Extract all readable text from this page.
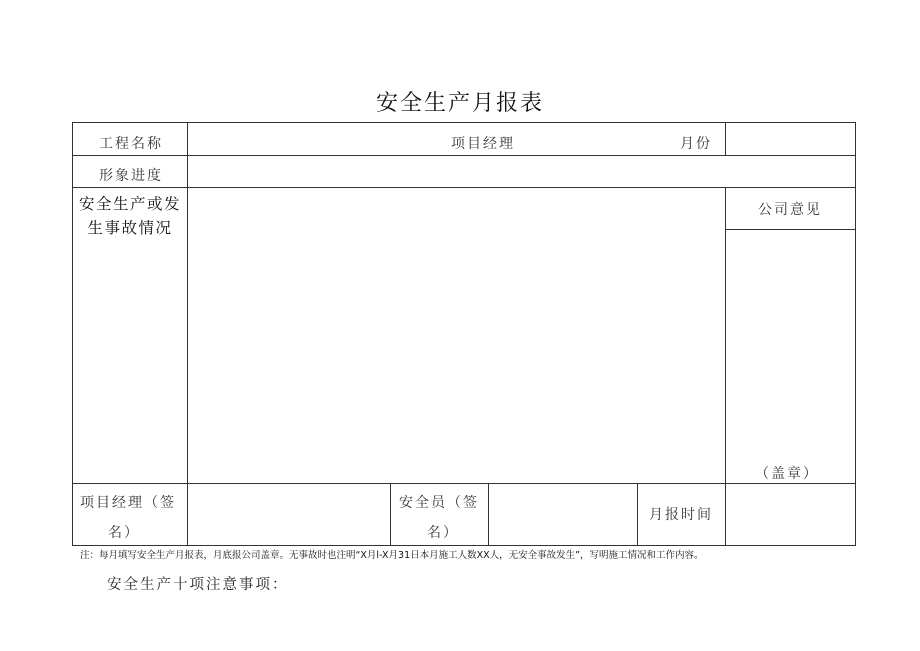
安全生产月报表
工程名称	项目经理	月份
形象进度
安全生产或发
生事故情况
公司意见
（盖章）
项目经理（签
名）
安全员（签
名）
月报时间
注：每月填写安全生产月报表，月底报公司盖章。无事故时也注明“X月l-X月31日本月施工人数XX人，无安全事故发生”，写明施工情况和工作内容。
安全生产十项注意事项：
